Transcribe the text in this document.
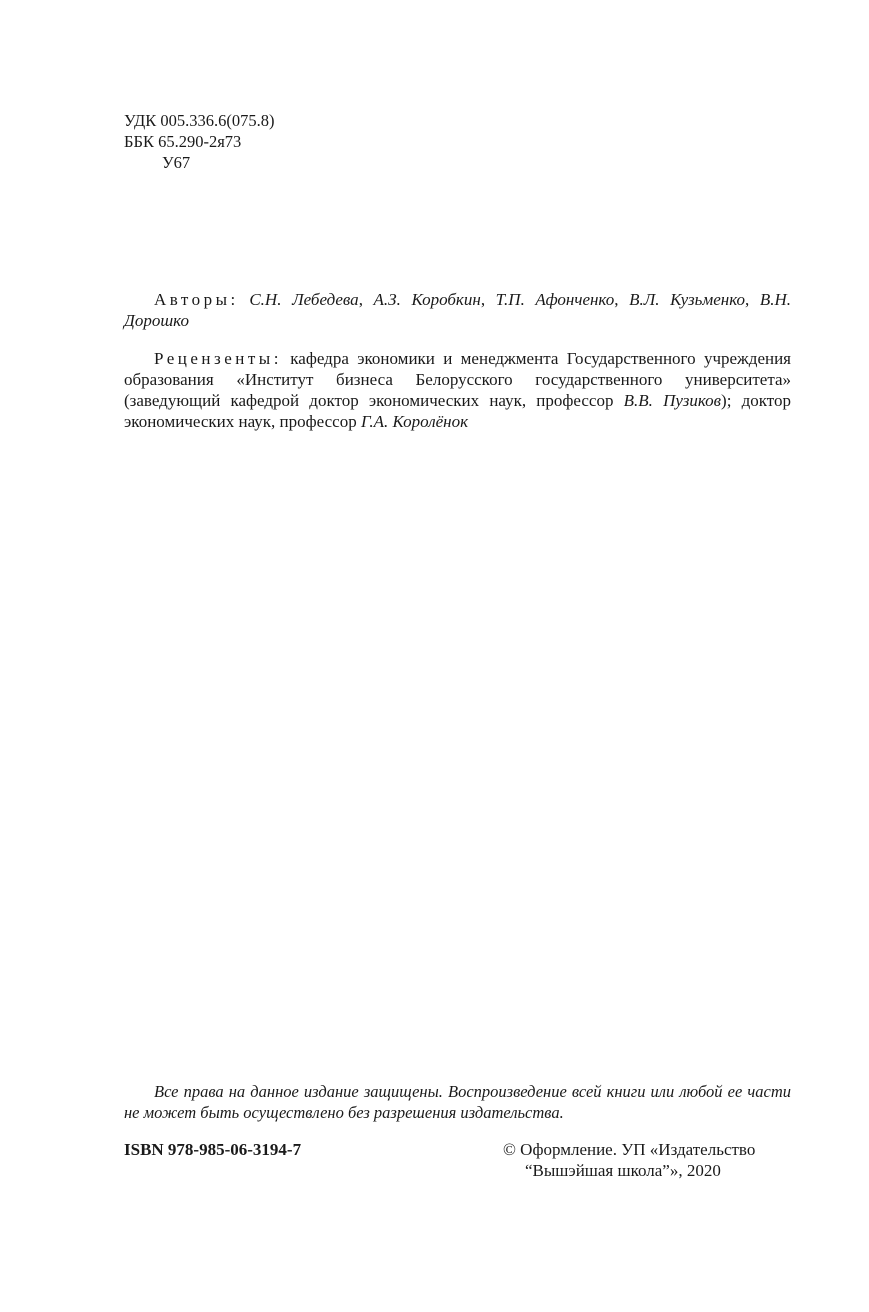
УДК 005.336.6(075.8)
ББК 65.290-2я73
У67
Авторы: С.Н. Лебедева, А.З. Коробкин, Т.П. Афонченко, В.Л. Кузьменко, В.Н. Дорошко
Рецензенты: кафедра экономики и менеджмента Государственного учреждения образования «Институт бизнеса Белорусского государственного университета» (заведующий кафедрой доктор экономических наук, профессор В.В. Пузиков); доктор экономических наук, профессор Г.А. Королёнок
Все права на данное издание защищены. Воспроизведение всей книги или любой ее части не может быть осуществлено без разрешения издательства.
ISBN 978-985-06-3194-7	© Оформление. УП «Издательство
“Вышэйшая школа”», 2020
